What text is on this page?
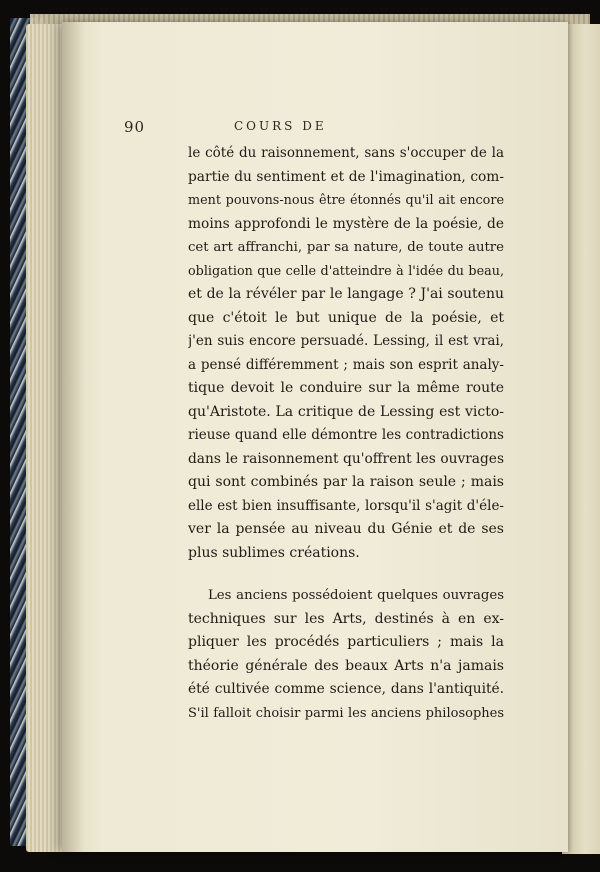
90	COURS DE
le côté du raisonnement, sans s'occuper de la
partie du sentiment et de l'imagination, com-
ment pouvons-nous être étonnés qu'il ait encore
moins approfondi le mystère de la poésie, de
cet art affranchi, par sa nature, de toute autre
obligation que celle d'atteindre à l'idée du beau,
et de la révéler par le langage ? J'ai soutenu
que c'étoit le but unique de la poésie, et
j'en suis encore persuadé. Lessing, il est vrai,
a pensé différemment ; mais son esprit analy-
tique devoit le conduire sur la même route
qu'Aristote. La critique de Lessing est victo-
rieuse quand elle démontre les contradictions
dans le raisonnement qu'offrent les ouvrages
qui sont combinés par la raison seule ; mais
elle est bien insuffisante, lorsqu'il s'agit d'éle-
ver la pensée au niveau du Génie et de ses
plus sublimes créations.
Les anciens possédoient quelques ouvrages
techniques sur les Arts, destinés à en ex-
pliquer les procédés particuliers ; mais la
théorie générale des beaux Arts n'a jamais
été cultivée comme science, dans l'antiquité.
S'il falloit choisir parmi les anciens philosophes
